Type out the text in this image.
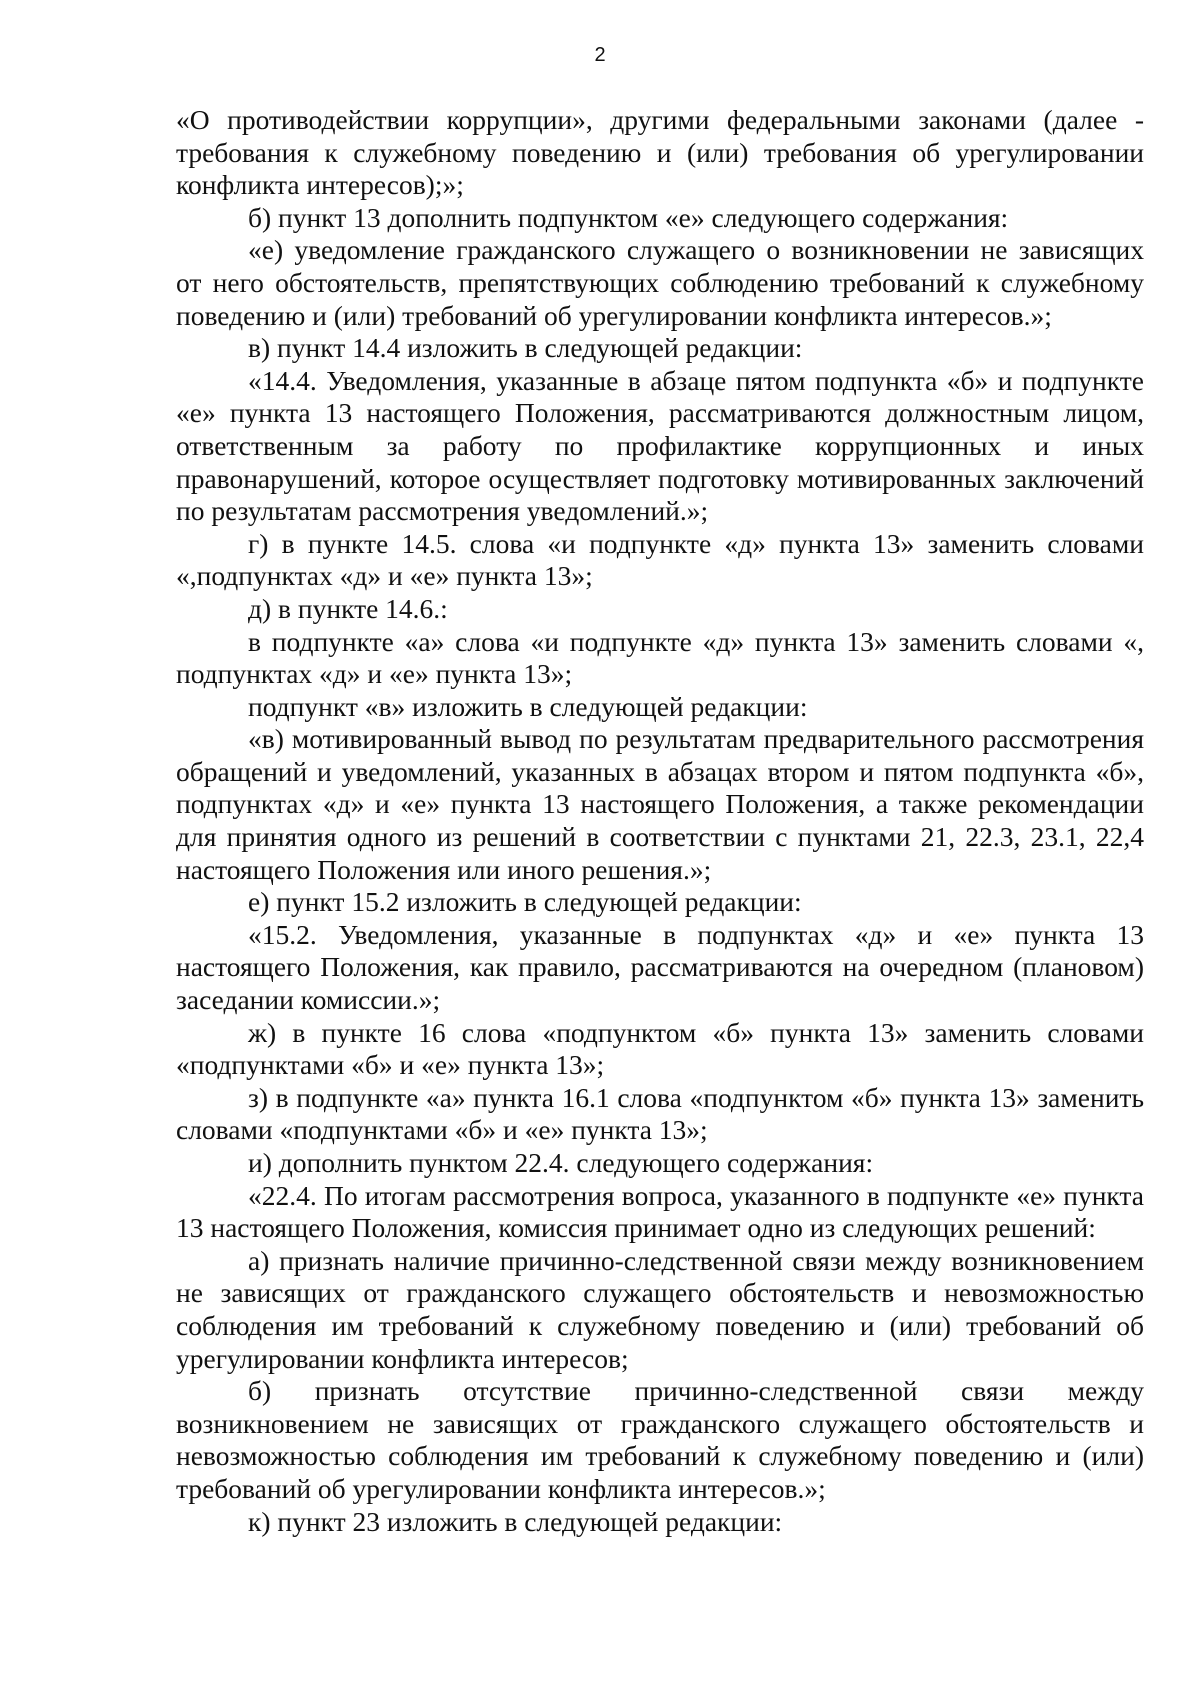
2

«О противодействии коррупции», другими федеральными законами (далее - требования к служебному поведению и (или) требования об урегулировании конфликта интересов);»;

б) пункт 13 дополнить подпунктом «е» следующего содержания:

«е) уведомление гражданского служащего о возникновении не зависящих от него обстоятельств, препятствующих соблюдению требований к служебному поведению и (или) требований об урегулировании конфликта интересов.»;

в) пункт 14.4 изложить в следующей редакции:

«14.4. Уведомления, указанные в абзаце пятом подпункта «б» и подпункте «е» пункта 13 настоящего Положения, рассматриваются должностным лицом, ответственным за работу по профилактике коррупционных и иных правонарушений, которое осуществляет подготовку мотивированных заключений по результатам рассмотрения уведомлений.»;

г) в пункте 14.5. слова «и подпункте «д» пункта 13» заменить словами «,подпунктах «д» и «е» пункта 13»;

д) в пункте 14.6.:

в подпункте «а» слова «и подпункте «д» пункта 13» заменить словами «, подпунктах «д» и «е» пункта 13»;

подпункт «в» изложить в следующей редакции:

«в) мотивированный вывод по результатам предварительного рассмотрения обращений и уведомлений, указанных в абзацах втором и пятом подпункта «б», подпунктах «д» и «е» пункта 13 настоящего Положения, а также рекомендации для принятия одного из решений в соответствии с пунктами 21, 22.3, 23.1, 22,4 настоящего Положения или иного решения.»;

е) пункт 15.2 изложить в следующей редакции:

«15.2. Уведомления, указанные в подпунктах «д» и «е» пункта 13 настоящего Положения, как правило, рассматриваются на очередном (плановом) заседании комиссии.»;

ж) в пункте 16 слова «подпунктом «б» пункта 13» заменить словами «подпунктами «б» и «е» пункта 13»;

з) в подпункте «а» пункта 16.1 слова «подпунктом «б» пункта 13» заменить словами «подпунктами «б» и «е» пункта 13»;

и) дополнить пунктом 22.4. следующего содержания:

«22.4. По итогам рассмотрения вопроса, указанного в подпункте «е» пункта 13 настоящего Положения, комиссия принимает одно из следующих решений:

а) признать наличие причинно-следственной связи между возникновением не зависящих от гражданского служащего обстоятельств и невозможностью соблюдения им требований к служебному поведению и (или) требований об урегулировании конфликта интересов;

б) признать отсутствие причинно-следственной связи между возникновением не зависящих от гражданского служащего обстоятельств и невозможностью соблюдения им требований к служебному поведению и (или) требований об урегулировании конфликта интересов.»;

к) пункт 23 изложить в следующей редакции:
